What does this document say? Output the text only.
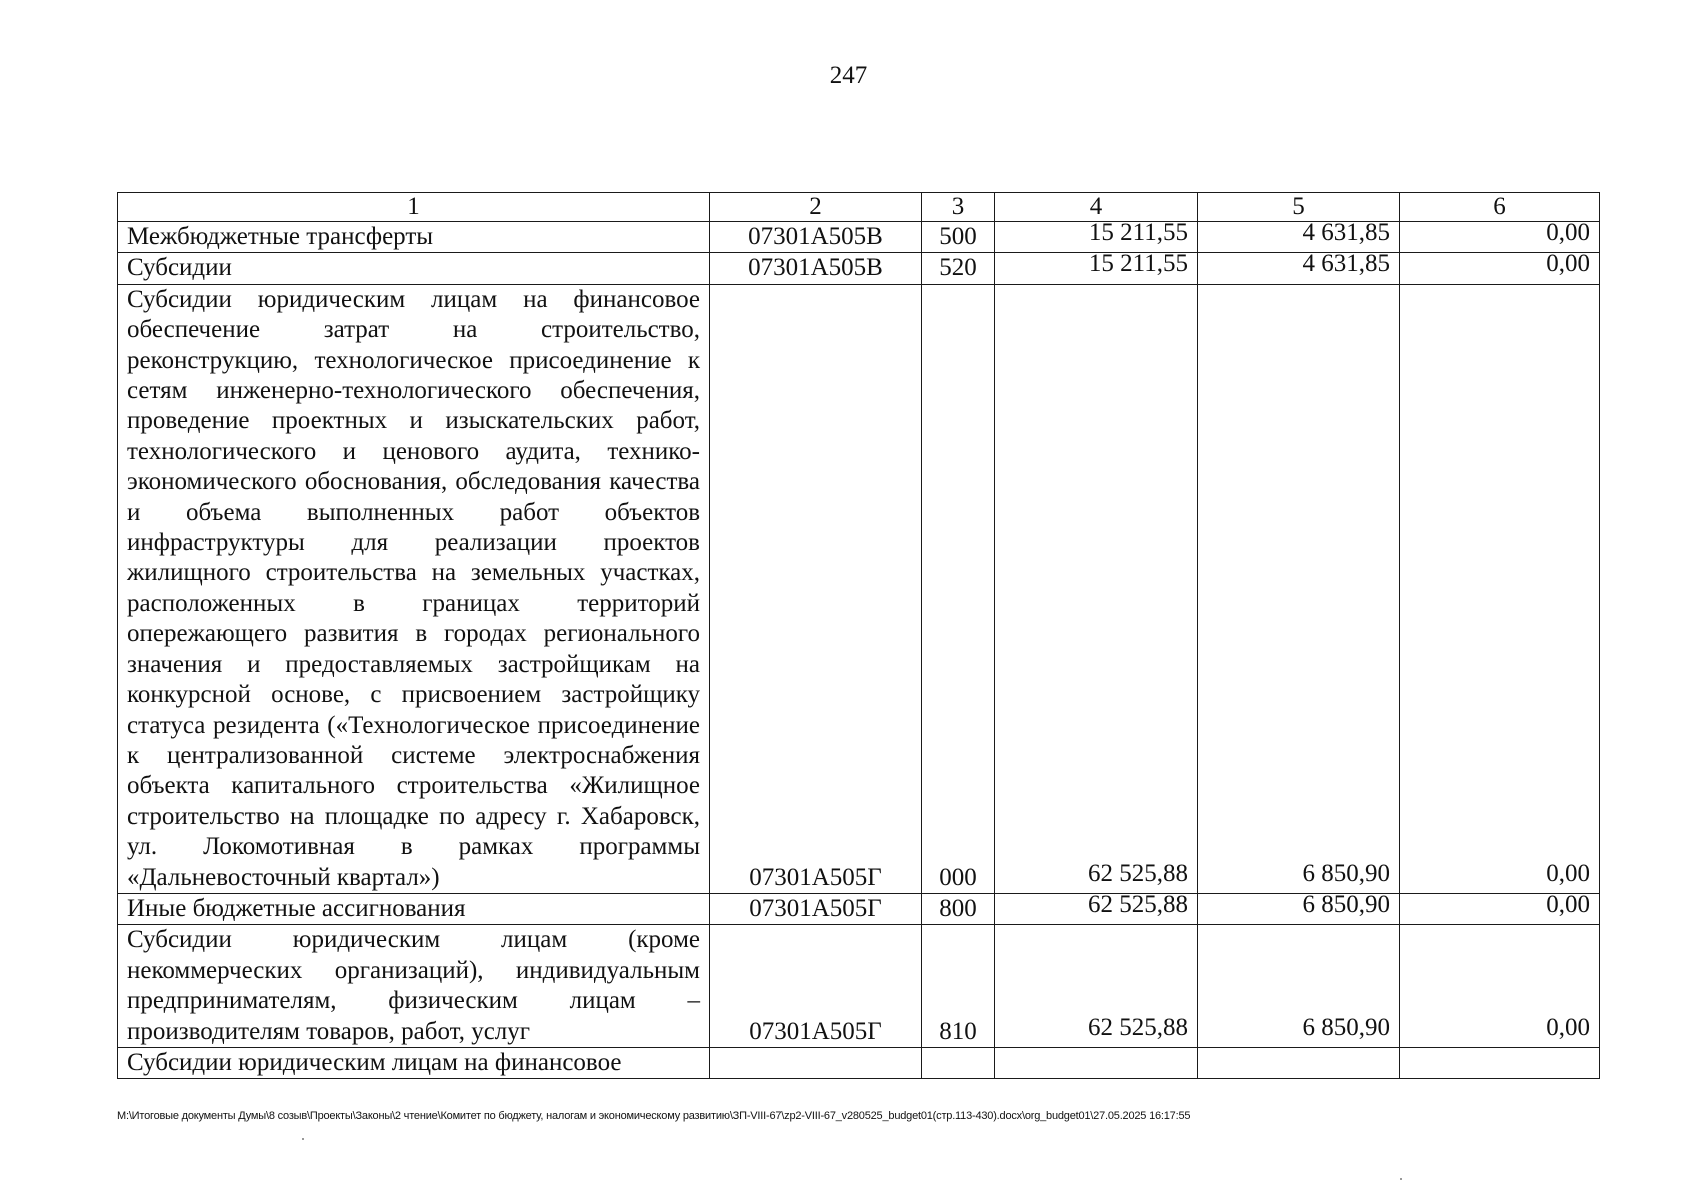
247
1	2	3	4	5	6
Межбюджетные трансферты	07301А505В	500	15 211,55	4 631,85	0,00
Субсидии	07301А505В	520	15 211,55	4 631,85	0,00
Субсидии юридическим лицам на финансовое обеспечение затрат на строительство, реконструкцию, технологическое присоединение к сетям инженерно-технологического обеспечения, проведение проектных и изыскательских работ, технологического и ценового аудита, технико-экономического обоснования, обследования качества и объема выполненных работ объектов инфраструктуры для реализации проектов жилищного строительства на земельных участках, расположенных в границах территорий опережающего развития в городах регионального значения и предоставляемых застройщикам на конкурсной основе, с присвоением застройщику статуса резидента («Технологическое присоединение к централизованной системе электроснабжения объекта капитального строительства «Жилищное строительство на площадке по адресу г. Хабаровск, ул. Локомотивная в рамках программы «Дальневосточный квартал»)	07301А505Г	000	62 525,88	6 850,90	0,00
Иные бюджетные ассигнования	07301А505Г	800	62 525,88	6 850,90	0,00
Субсидии юридическим лицам (кроме некоммерческих организаций), индивидуальным предпринимателям, физическим лицам – производителям товаров, работ, услуг	07301А505Г	810	62 525,88	6 850,90	0,00
Субсидии юридическим лицам на финансовое					
M:\Итоговые документы Думы\8 созыв\Проекты\Законы\2 чтение\Комитет по бюджету, налогам и экономическому развитию\ЗП-VIII-67\zp2-VIII-67_v280525_budget01(стр.113-430).docx\org_budget01\27.05.2025 16:17:55
